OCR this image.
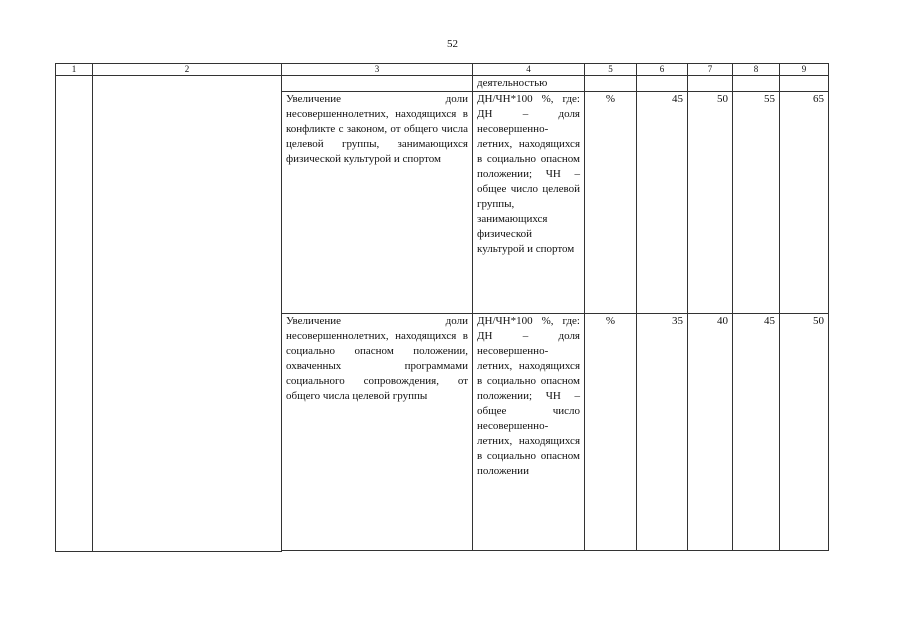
52
1	2	3	4	5	6	7	8	9
			деятельностью					
		Увеличение доли несовершеннолетних, находящихся в конфликте с законом, от общего числа целевой группы, занимающихся физической культурой и спортом	ДН/ЧН*100 %, где: ДН – доля несовершенно-летних, находящихся в социально опасном положении; ЧН – общее число целевой группы, занимающихся физической культурой и спортом	%	45	50	55	65
		Увеличение доли несовершеннолетних, находящихся в социально опасном положении, охваченных программами социального сопровождения, от общего числа целевой группы	ДН/ЧН*100 %, где: ДН – доля несовершенно-летних, находящихся в социально опасном положении; ЧН – общее число несовершенно-летних, находящихся в социально опасном положении	%	35	40	45	50
